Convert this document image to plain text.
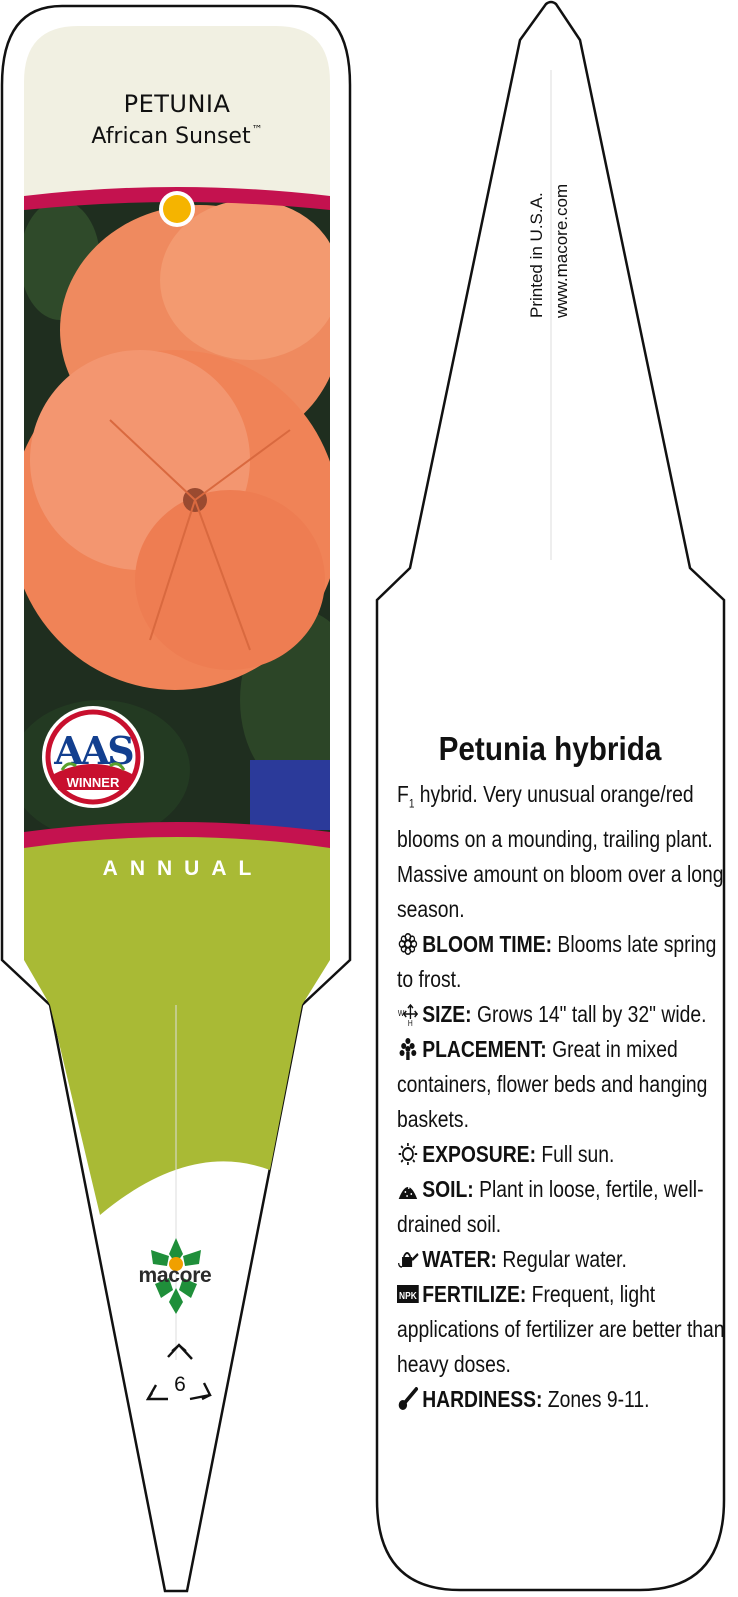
PETUNIA
African Sunset™
AAS
WINNER
ANNUAL
macore
6
Printed in U.S.A. www.macore.com
Petunia hybrida

$F_1$ hybrid. Very unusual orange/red blooms on a mounding, trailing plant. Massive amount on bloom over a long season.

BLOOM TIME: Blooms late spring to frost.

W
H SIZE: Grows 14" tall by 32" wide.

PLACEMENT: Great in mixed containers, flower beds and hanging baskets.

EXPOSURE: Full sun.

SOIL: Plant in loose, fertile, well-drained soil.

WATER: Regular water.

NPK FERTILIZE: Frequent, light applications of fertilizer are better than heavy doses.

HARDINESS: Zones 9-11.
